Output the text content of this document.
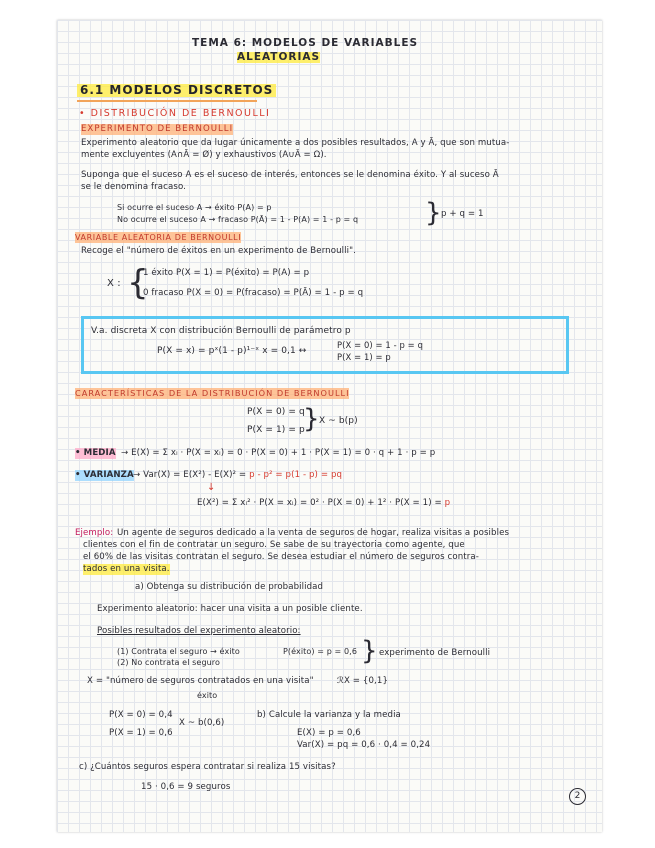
TEMA 6: MODELOS DE VARIABLES
ALEATORIAS
6.1 MODELOS DISCRETOS
• DISTRIBUCIÓN DE BERNOULLI
EXPERIMENTO DE BERNOULLI
Experimento aleatorio que da lugar únicamente a dos posibles resultados, A y Ā, que son mutua-
mente excluyentes (A∩Ā = Ø) y exhaustivos (A∪Ā = Ω).
Suponga que el suceso A es el suceso de interés, entonces se le denomina éxito. Y al suceso Ā
se le denomina fracaso.
Si ocurre el suceso A → éxito P(A) = p
No ocurre el suceso A → fracaso P(Ā) = 1 - P(A) = 1 - p = q	} p + q = 1
VARIABLE ALEATORIA DE BERNOULLI
Recoge el "número de éxitos en un experimento de Bernoulli".
X : {
1 éxito P(X = 1) = P(éxito) = P(A) = p
0 fracaso P(X = 0) = P(fracaso) = P(Ā) = 1 - p = q
V.a. discreta X con distribución Bernoulli de parámetro p
P(X = x) = pˣ(1 - p)¹⁻ˣ x = 0,1 ↔
P(X = 0) = 1 - p = q
P(X = 1) = p
CARACTERÍSTICAS DE LA DISTRIBUCIÓN DE BERNOULLI
P(X = 0) = q
P(X = 1) = p
} X ~ b(p)
• MEDIA → E(X) = Σ xᵢ · P(X = xᵢ) = 0 · P(X = 0) + 1 · P(X = 1) = 0 · q + 1 · p = p
• VARIANZA → Var(X) = E(X²) - E(X)² = p - p² = p(1 - p) = pq
↓
E(X²) = Σ xᵢ² · P(X = xᵢ) = 0² · P(X = 0) + 1² · P(X = 1) = p
Ejemplo: Un agente de seguros dedicado a la venta de seguros de hogar, realiza visitas a posibles
clientes con el fin de contratar un seguro. Se sabe de su trayectoria como agente, que
el 60% de las visitas contratan el seguro. Se desea estudiar el número de seguros contra-
tados en una visita.
a) Obtenga su distribución de probabilidad
Experimento aleatorio: hacer una visita a un posible cliente.
Posibles resultados del experimento aleatorio:
(1) Contrata el seguro → éxito
(2) No contrata el seguro
P(éxito) = p = 0,6 } experimento de Bernoulli
X = "número de seguros contratados en una visita"	ℛX = {0,1}
éxito
P(X = 0) = 0,4
P(X = 1) = 0,6
X ~ b(0,6)
b) Calcule la varianza y la media
E(X) = p = 0,6
Var(X) = pq = 0,6 · 0,4 = 0,24
c) ¿Cuántos seguros espera contratar si realiza 15 visitas?
15 · 0,6 = 9 seguros
2
